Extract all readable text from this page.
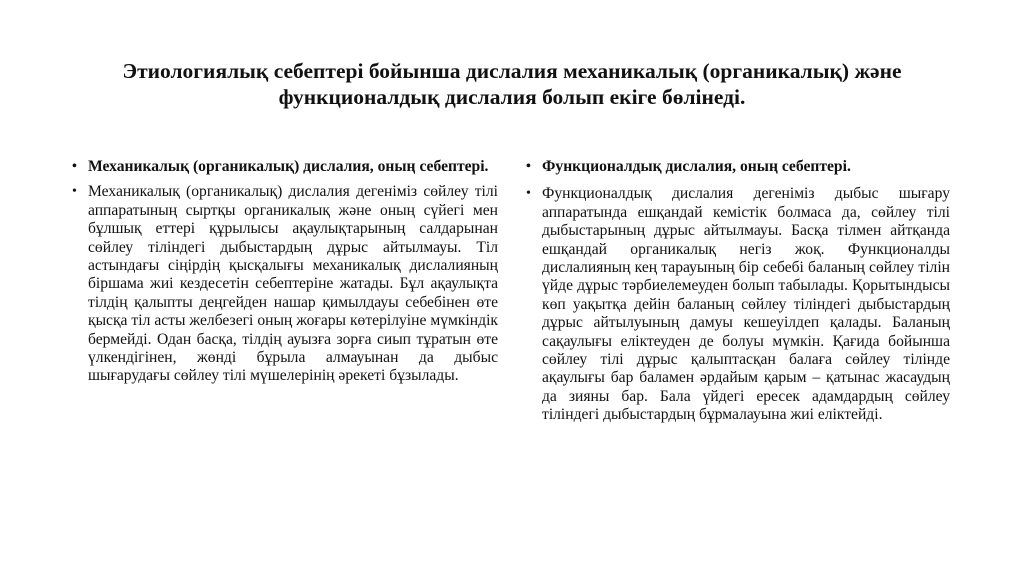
Этиологиялық себептері бойынша дислалия механикалық (органикалық) және функционалдық дислалия болып екіге бөлінеді.
• Механикалық (органикалық) дислалия, оның себептері.
• Механикалық (органикалық) дислалия дегеніміз сөйлеу тілі аппаратының сыртқы органикалық және оның сүйегі мен бұлшық еттері құрылысы ақаулықтарының салдарынан сөйлеу тіліндегі дыбыстардың дұрыс айтылмауы. Тіл астындағы сіңірдің қысқалығы механикалық дислалияның біршама жиі кездесетін себептеріне жатады. Бұл ақаулықта тілдің қалыпты деңгейден нашар қимылдауы себебінен өте қысқа тіл асты желбезегі оның жоғары көтерілуіне мүмкіндік бермейді. Одан басқа, тілдің ауызға зорға сиып тұратын өте үлкендігінен, жөнді бұрыла алмауынан да дыбыс шығарудағы сөйлеу тілі мүшелерінің әрекеті бұзылады.
• Функционалдық дислалия, оның себептері.
• Функционалдық дислалия дегеніміз дыбыс шығару аппаратында ешқандай кемістік болмаса да, сөйлеу тілі дыбыстарының дұрыс айтылмауы. Басқа тілмен айтқанда ешқандай органикалық негіз жоқ. Функционалды дислалияның кең тарауының бір себебі баланың сөйлеу тілін үйде дұрыс тәрбиелемеуден болып табылады. Қорытындысы көп уақытқа дейін баланың сөйлеу тіліндегі дыбыстардың дұрыс айтылуының дамуы кешеуілдеп қалады. Баланың сақаулығы еліктеуден де болуы мүмкін. Қағида бойынша сөйлеу тілі дұрыс қалыптасқан балаға сөйлеу тілінде ақаулығы бар баламен әрдайым қарым – қатынас жасаудың да зияны бар. Бала үйдегі ересек адамдардың сөйлеу тіліндегі дыбыстардың бұрмалауына жиі еліктейді.
